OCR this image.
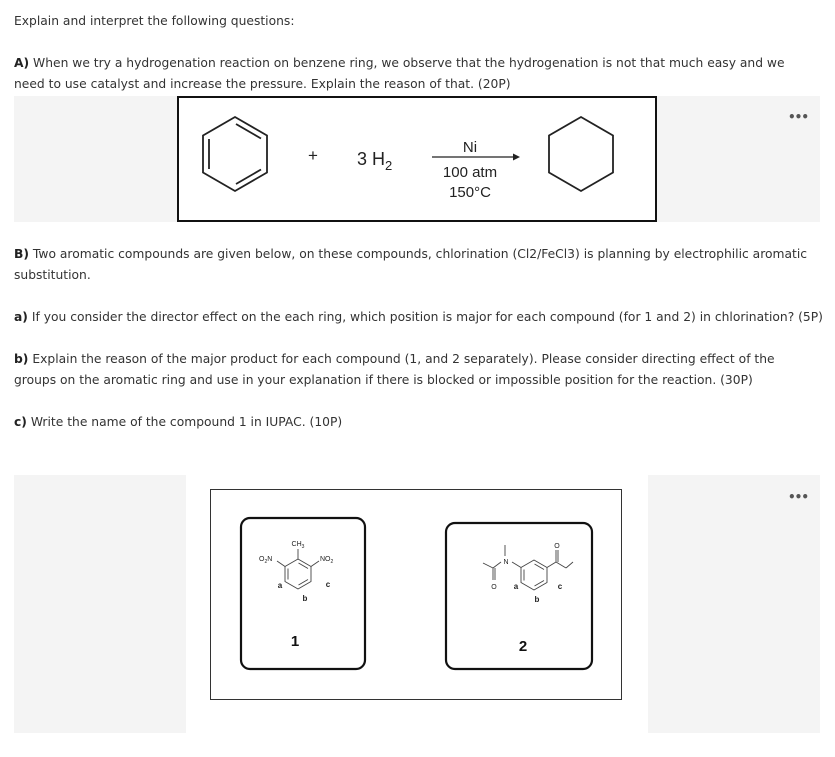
Explain and interpret the following questions:
A) When we try a hydrogenation reaction on benzene ring, we observe that the hydrogenation is not that much easy and we need to use catalyst and increase the pressure. Explain the reason of that. (20P)
•••
+ 3 $H_2$
Ni
100 atm
150°C
B) Two aromatic compounds are given below, on these compounds, chlorination (Cl2/FeCl3) is planning by electrophilic aromatic substitution.
a) If you consider the director effect on the each ring, which position is major for each compound (for 1 and 2) in chlorination? (5P)
b) Explain the reason of the major product for each compound (1, and 2 separately). Please consider directing effect of the groups on the aromatic ring and use in your explanation if there is blocked or impossible position for the reaction. (30P)
c) Write the name of the compound 1 in IUPAC. (10P)
•••
$CH_3$
$O_2N$	$NO_2$
a
b
c
1
N
O
O
a
b
c
2
